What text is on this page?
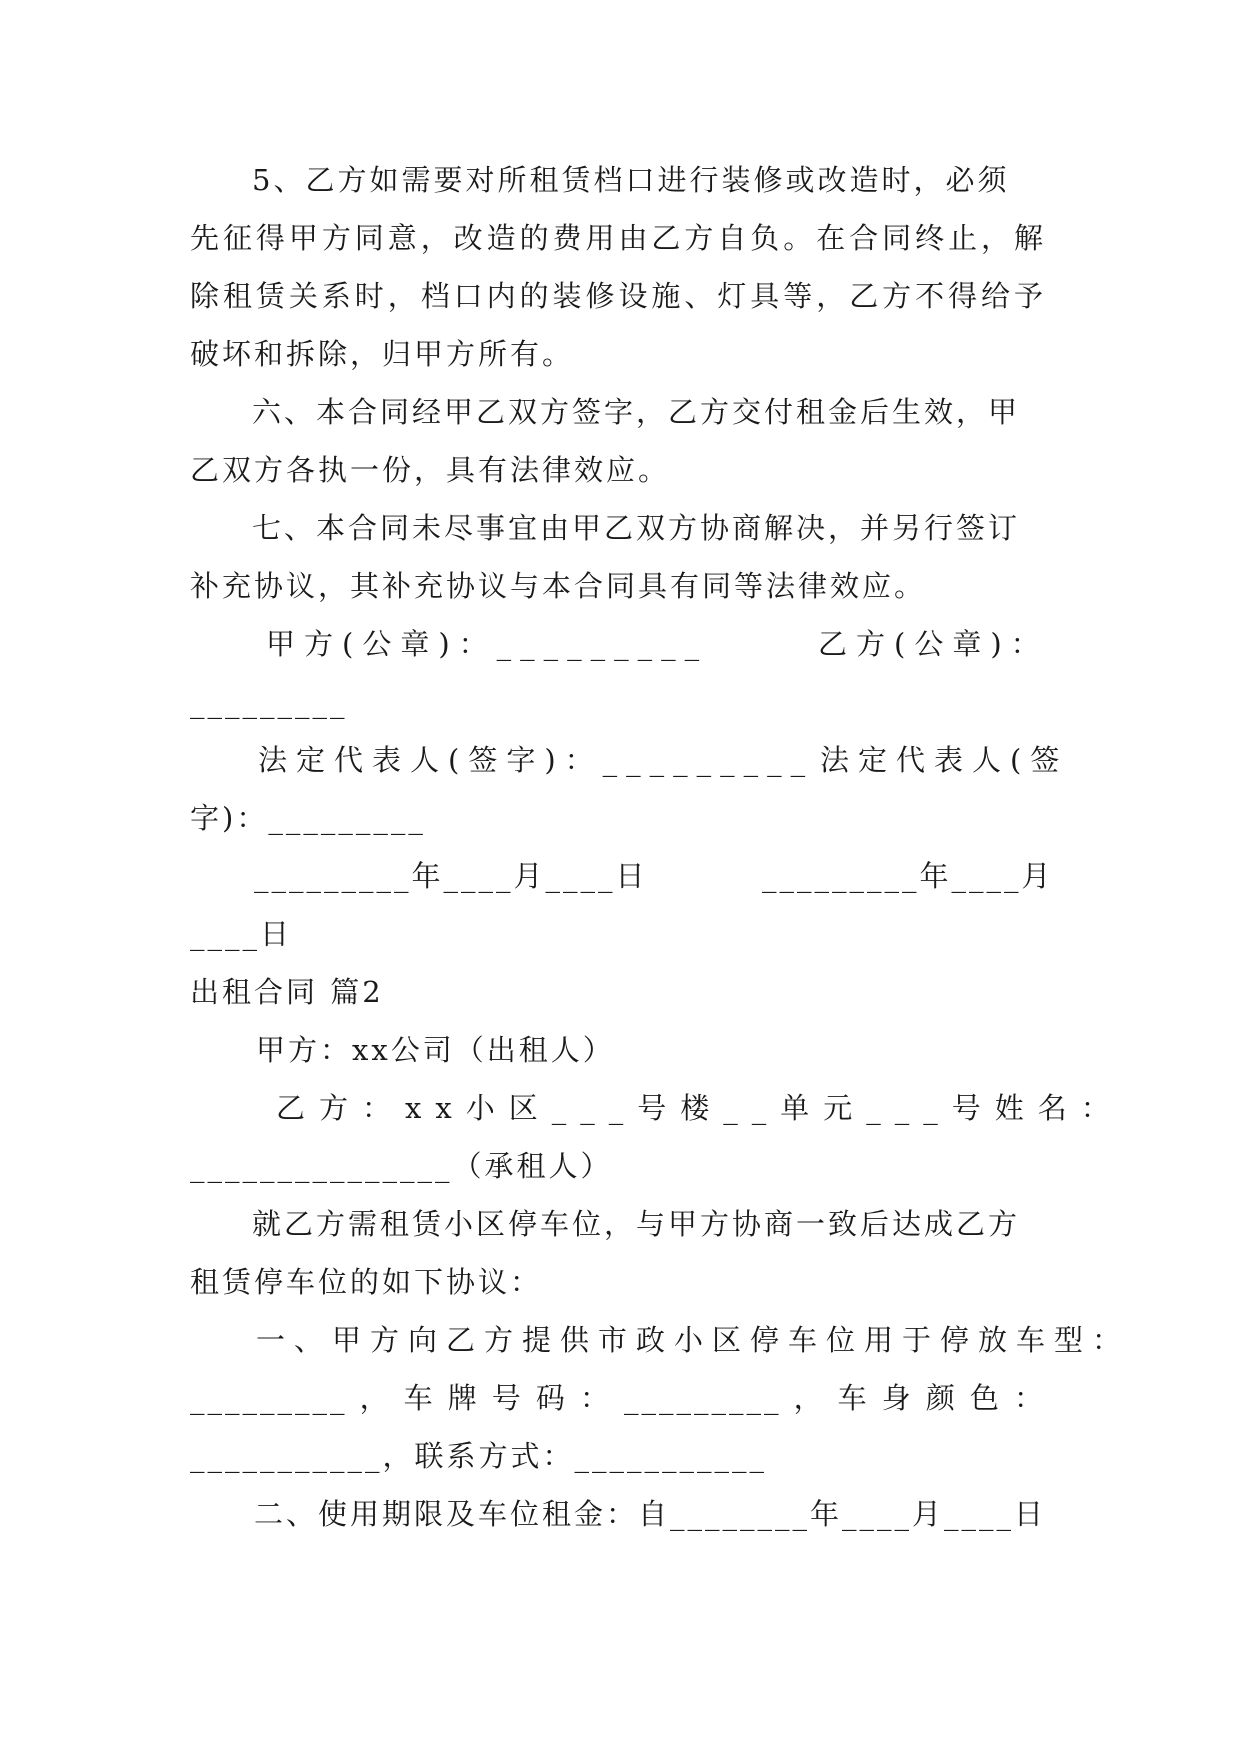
5、乙方如需要对所租赁档口进行装修或改造时，必须
先征得甲方同意，改造的费用由乙方自负。在合同终止，解
除租赁关系时，档口内的装修设施、灯具等，乙方不得给予
破坏和拆除，归甲方所有。
六、本合同经甲乙双方签字，乙方交付租金后生效，甲
乙双方各执一份，具有法律效应。
七、本合同未尽事宜由甲乙双方协商解决，并另行签订
补充协议，其补充协议与本合同具有同等法律效应。
甲方(公章)：_________	乙方(公章)：
_________
法定代表人(签字)：_________ 法定代表人(签
字)：_________
_________年____月____日	_________年____月
____日
出租合同 篇2
甲方：xx公司（出租人）
乙方：xx小区___号楼__单元___号姓名：
_______________（承租人）
就乙方需租赁小区停车位，与甲方协商一致后达成乙方
租赁停车位的如下协议：
一、甲方向乙方提供市政小区停车位用于停放车型：
_________，车牌号码：_________，车身颜色：
___________，联系方式：___________
二、使用期限及车位租金：自________年____月____日
